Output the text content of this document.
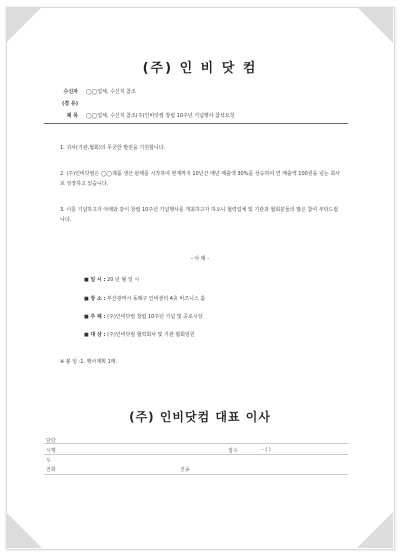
(주) 인 비 닷 컴
수신자 ◯◯업체, 수신처 참조
(경 유)
제 목 ◯◯업체, 수신처 참조(주)인비닷컴 창립 10주년 기념행사 참석요청
1. 귀사(기관,협회)의 무궁한 발전을 기원합니다.
2. (주)인비닷컴은 ◯◯제품 생산 판매를 시작하여 현재까지 10년간 매년 매출액 30%를 상승하여 연 매출액 100원을 넘는 회사로 성장하고 있습니다.
3. 이를 기념하고자 아래와 같이 창립 10주년 기념행사를 개최하고자 하오니 협력업체 및 기관과 협회분들의 많은 참여 부탁드립니다.
- 아 래 -
■ 일 시 : 20 년 월 일 시
■ 장 소 : 부산광역시 동래구 인비센터 4층 비즈니스 홀
■ 주 제 : (주)인비닷컴 창립 10주년 기념 및 공로시상
■ 대 상 : (주)인비닷컴 협력회사 및 기관 협회임원
※ 붙 임 :1. 행사계획 1매.
(주) 인비닷컴 대표 이사
담당
시행	접수	- ( )
우
전화	전송
